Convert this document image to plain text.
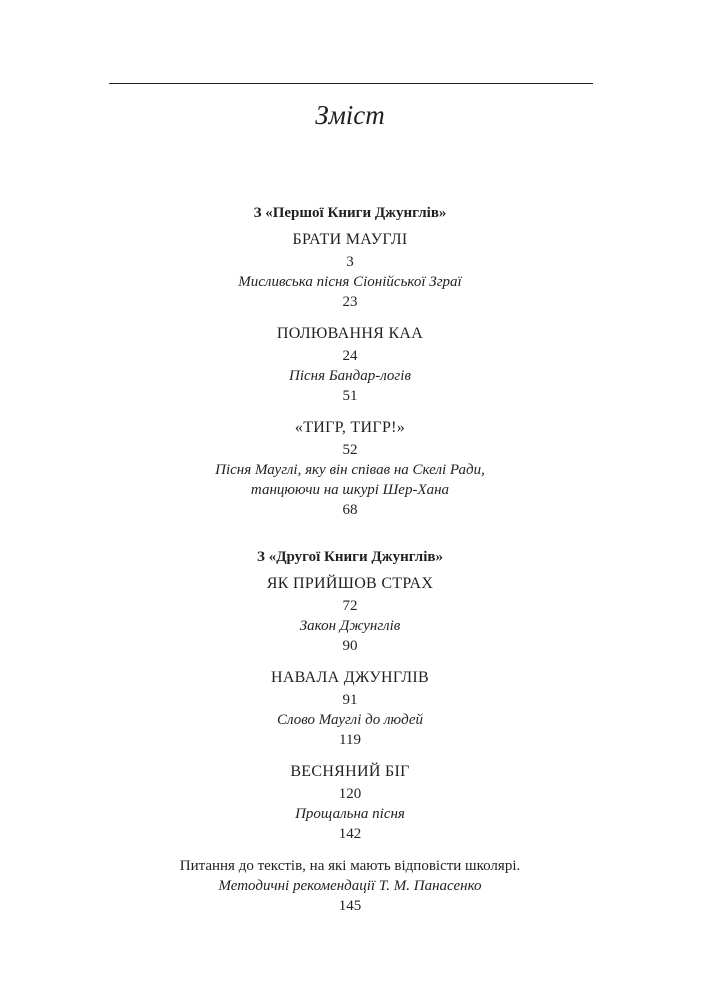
Зміст
З «Першої Книги Джунглів»
БРАТИ МАУГЛІ
3
Мисливська пісня Сіонійської Зграї
23
ПОЛЮВАННЯ КАА
24
Пісня Бандар-логів
51
«ТИГР, ТИГР!»
52
Пісня Мауглі, яку він співав на Скелі Ради,
танцюючи на шкурі Шер-Хана
68
З «Другої Книги Джунглів»
ЯК ПРИЙШОВ СТРАХ
72
Закон Джунглів
90
НАВАЛА ДЖУНГЛІВ
91
Слово Мауглі до людей
119
ВЕСНЯНИЙ БІГ
120
Прощальна пісня
142
Питання до текстів, на які мають відповісти школярі.
Методичні рекомендації Т. М. Панасенко
145
